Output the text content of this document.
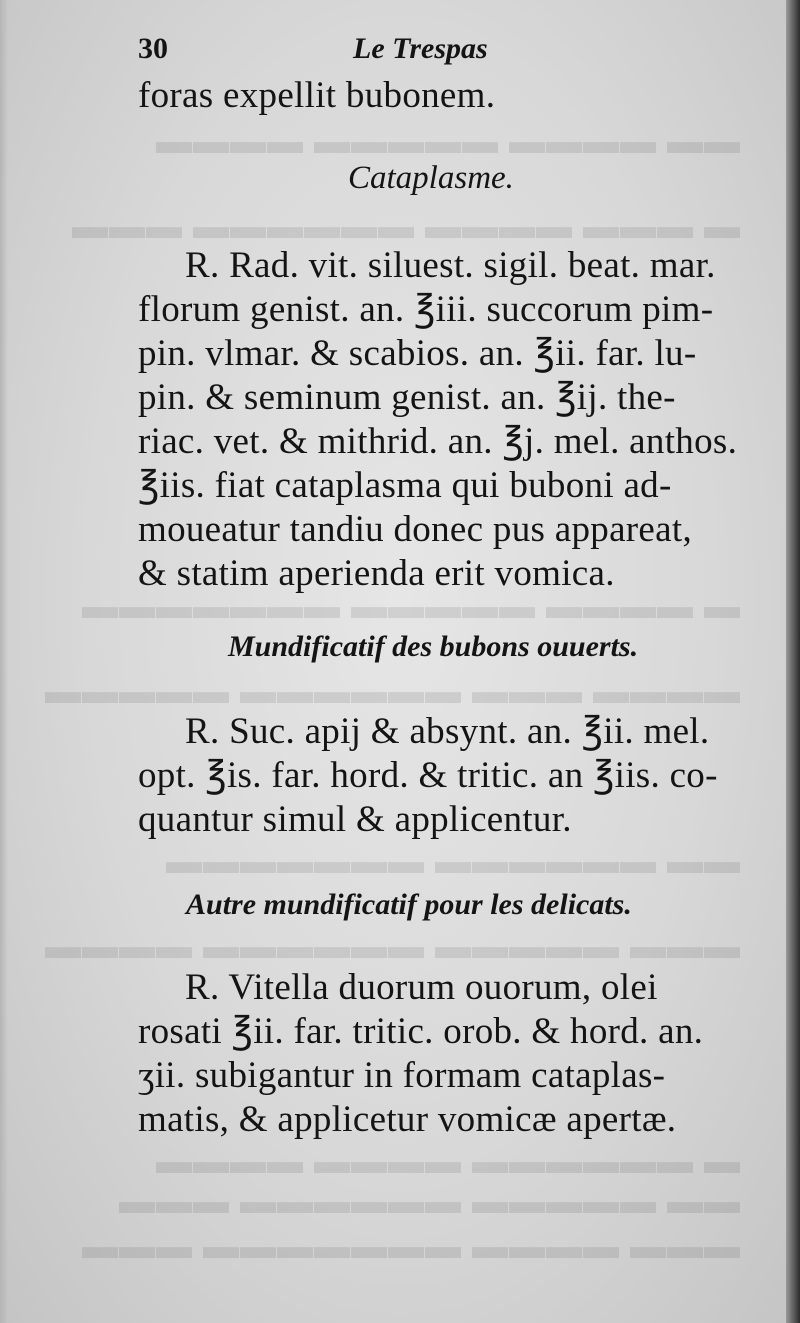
▬▬ ▬▬▬▬ ▬▬▬▬▬ ▬▬▬▬
▬ ▬▬▬ ▬▬▬▬ ▬▬▬▬▬▬ ▬▬▬
▬ ▬▬▬▬ ▬▬▬▬▬ ▬▬▬▬▬▬▬
▬▬▬▬ ▬▬▬ ▬▬▬▬▬▬ ▬▬▬▬▬
▬▬ ▬▬▬▬▬▬ ▬▬▬▬▬▬▬
▬▬▬ ▬▬▬▬▬ ▬▬▬▬▬▬ ▬▬▬▬
▬ ▬▬▬▬▬▬ ▬▬▬▬ ▬▬▬▬
▬▬ ▬▬▬▬▬ ▬▬▬▬▬▬ ▬▬▬
▬▬▬ ▬▬▬▬ ▬▬▬▬▬▬▬ ▬▬▬
30	Le Trespas
foras expellit bubonem.
Cataplasme.
R. Rad. vit. siluest. sigil. beat. mar.
florum genist. an. ℥iii. succorum pim-
pin. vlmar. & scabios. an. ℥ii. far. lu-
pin. & seminum genist. an. ℥ij. the-
riac. vet. & mithrid. an. ℥j. mel. anthos.
℥iis. fiat cataplasma qui buboni ad-
moueatur tandiu donec pus appareat,
& statim aperienda erit vomica.
Mundificatif des bubons ouuerts.
R. Suc. apij & absynt. an. ℥ii. mel.
opt. ℥is. far. hord. & tritic. an ℥iis. co-
quantur simul & applicentur.
Autre mundificatif pour les delicats.
R. Vitella duorum ouorum, olei
rosati ℥ii. far. tritic. orob. & hord. an.
ʒii. subigantur in formam cataplas-
matis, & applicetur vomicæ apertæ.
